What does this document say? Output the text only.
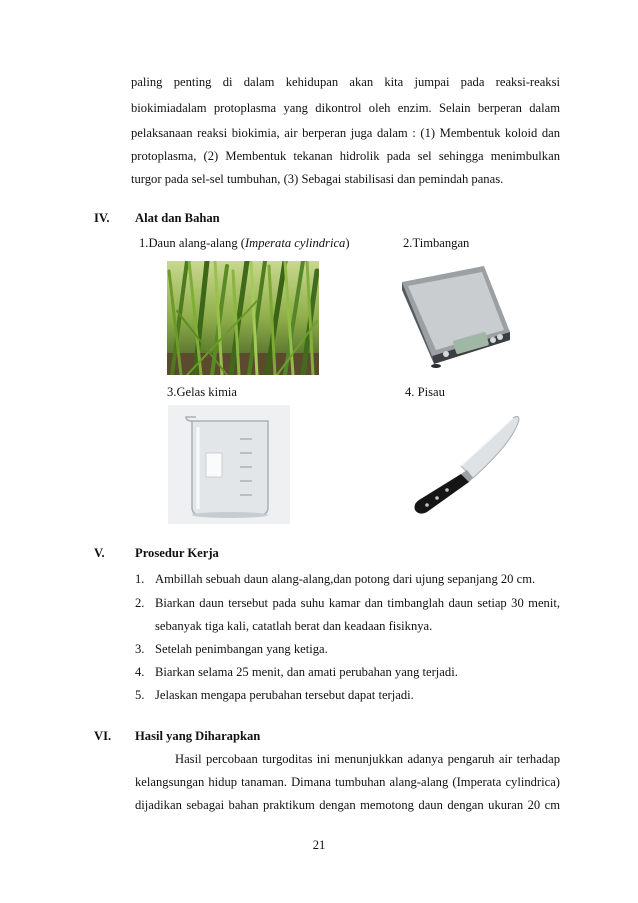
paling penting di dalam kehidupan akan kita jumpai pada reaksi-reaksi
biokimiadalam protoplasma yang dikontrol oleh enzim. Selain berperan dalam
pelaksanaan reaksi biokimia, air berperan juga dalam : (1) Membentuk koloid dan
protoplasma, (2) Membentuk tekanan hidrolik pada sel sehingga menimbulkan
turgor pada sel-sel tumbuhan, (3) Sebagai stabilisasi dan pemindah panas.
IV. Alat dan Bahan
1.Daun alang-alang (Imperata cylindrica)	2.Timbangan
3.Gelas kimia	4. Pisau
V. Prosedur Kerja
1. Ambillah sebuah daun alang-alang,dan potong dari ujung sepanjang 20 cm.
2. Biarkan daun tersebut pada suhu kamar dan timbanglah daun setiap 30 menit,
sebanyak tiga kali, catatlah berat dan keadaan fisiknya.
3. Setelah penimbangan yang ketiga.
4. Biarkan selama 25 menit, dan amati perubahan yang terjadi.
5. Jelaskan mengapa perubahan tersebut dapat terjadi.
VI. Hasil yang Diharapkan
Hasil percobaan turgoditas ini menunjukkan adanya pengaruh air terhadap
kelangsungan hidup tanaman. Dimana tumbuhan alang-alang (Imperata cylindrica)
dijadikan sebagai bahan praktikum dengan memotong daun dengan ukuran 20 cm
21
